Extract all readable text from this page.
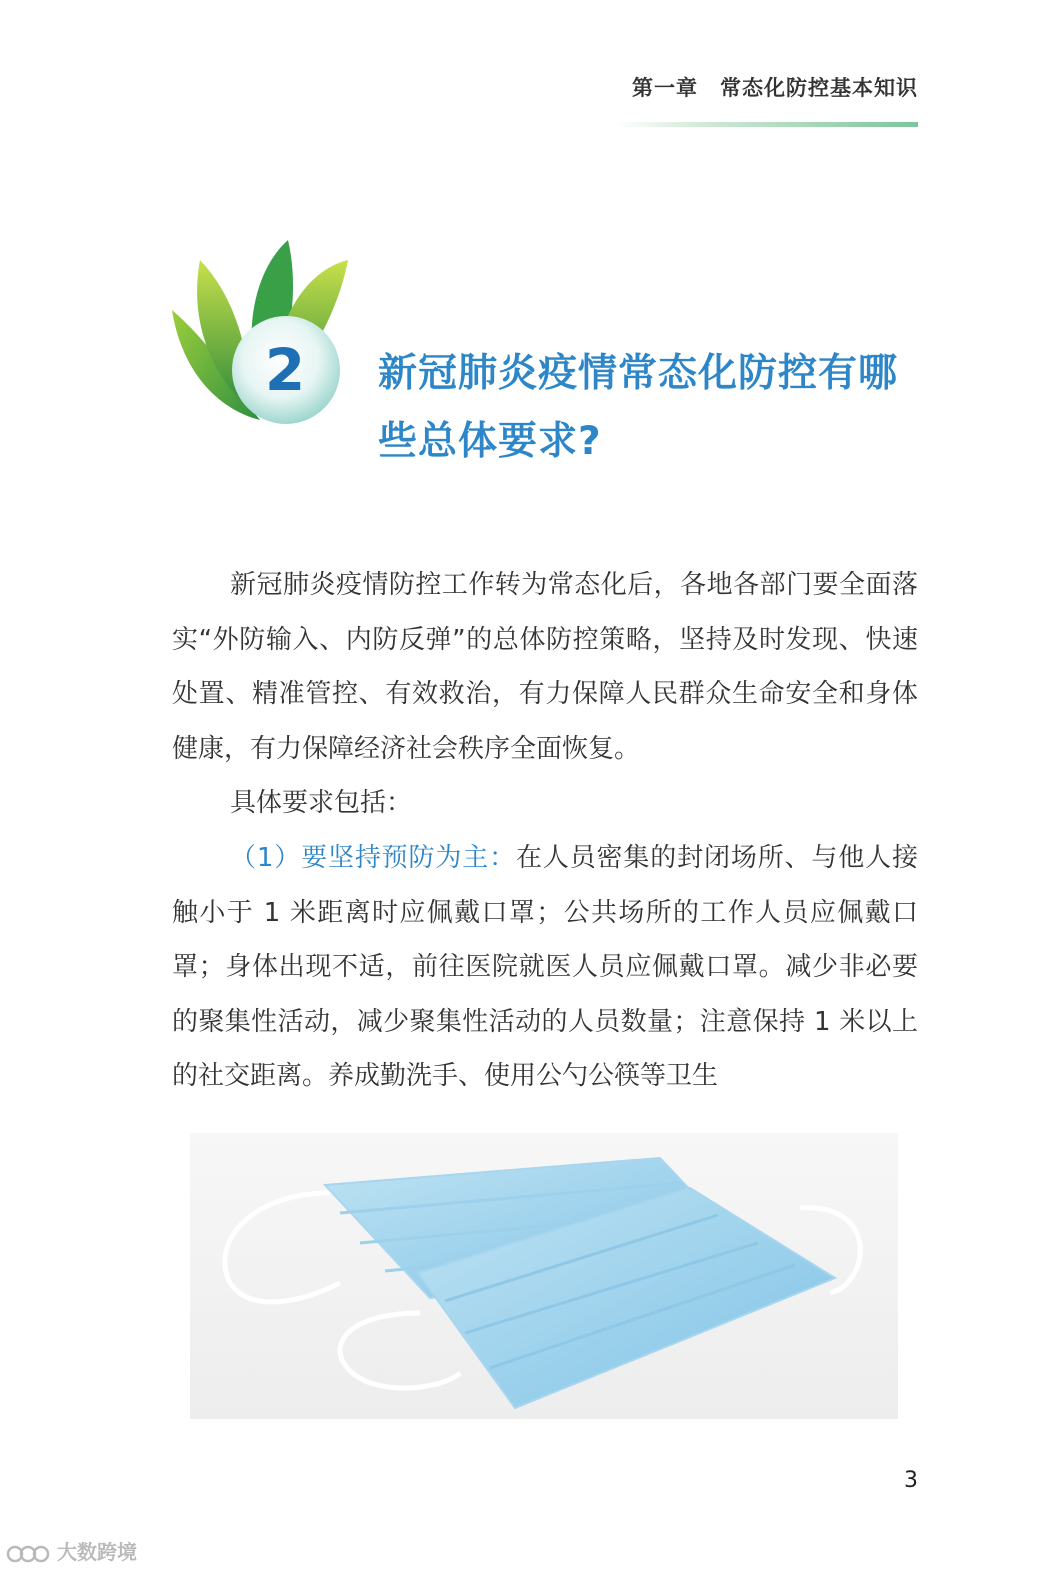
第一章 常态化防控基本知识
2	新冠肺炎疫情常态化防控有哪些总体要求?

新冠肺炎疫情防控工作转为常态化后，各地各部门要全面落实“外防输入、内防反弹”的总体防控策略，坚持及时发现、快速处置、精准管控、有效救治，有力保障人民群众生命安全和身体健康，有力保障经济社会秩序全面恢复。

具体要求包括：

（1）要坚持预防为主：在人员密集的封闭场所、与他人接触小于 1 米距离时应佩戴口罩；公共场所的工作人员应佩戴口罩；身体出现不适，前往医院就医人员应佩戴口罩。减少非必要的聚集性活动，减少聚集性活动的人员数量；注意保持 1 米以上的社交距离。养成勤洗手、使用公勺公筷等卫生

3
大数跨境
